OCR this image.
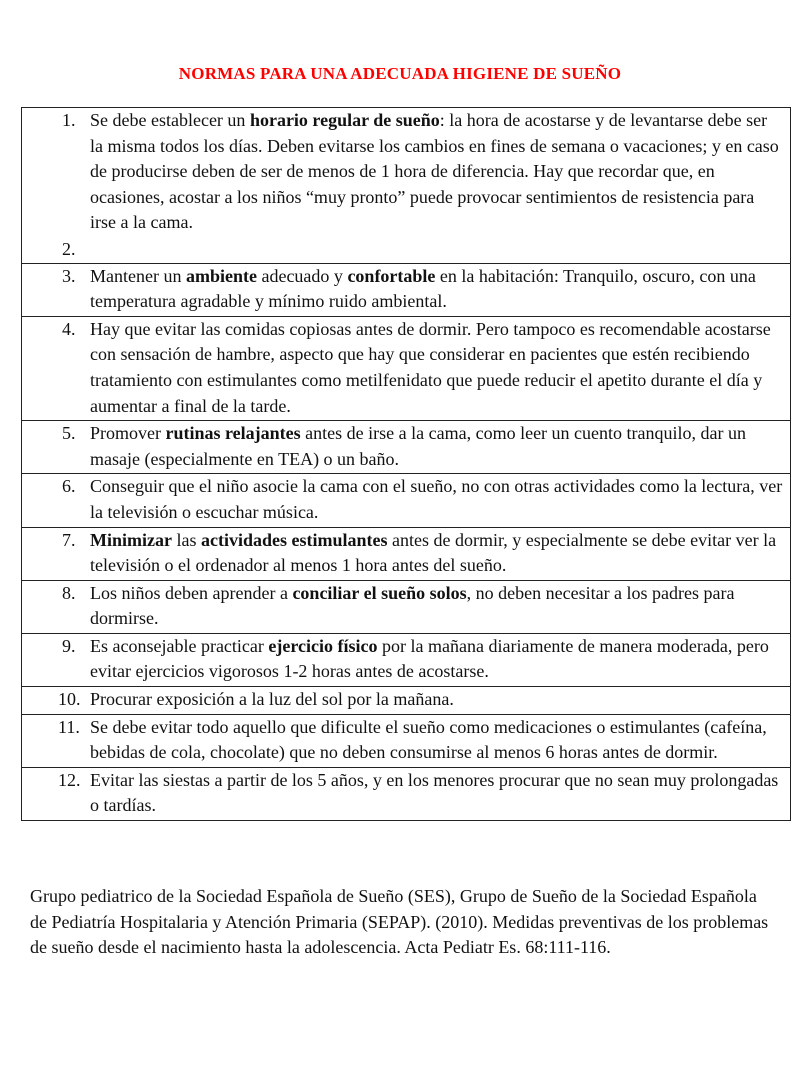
NORMAS PARA UNA ADECUADA HIGIENE DE SUEÑO
1. Se debe establecer un horario regular de sueño: la hora de acostarse y de levantarse debe ser la misma todos los días. Deben evitarse los cambios en fines de semana o vacaciones; y en caso de producirse deben de ser de menos de 1 hora de diferencia. Hay que recordar que, en ocasiones, acostar a los niños “muy pronto” puede provocar sentimientos de resistencia para irse a la cama.
2.

3. Mantener un ambiente adecuado y confortable en la habitación: Tranquilo, oscuro, con una temperatura agradable y mínimo ruido ambiental.

4. Hay que evitar las comidas copiosas antes de dormir. Pero tampoco es recomendable acostarse con sensación de hambre, aspecto que hay que considerar en pacientes que estén recibiendo tratamiento con estimulantes como metilfenidato que puede reducir el apetito durante el día y aumentar a final de la tarde.

5. Promover rutinas relajantes antes de irse a la cama, como leer un cuento tranquilo, dar un masaje (especialmente en TEA) o un baño.

6. Conseguir que el niño asocie la cama con el sueño, no con otras actividades como la lectura, ver la televisión o escuchar música.

7. Minimizar las actividades estimulantes antes de dormir, y especialmente se debe evitar ver la televisión o el ordenador al menos 1 hora antes del sueño.

8. Los niños deben aprender a conciliar el sueño solos, no deben necesitar a los padres para dormirse.

9. Es aconsejable practicar ejercicio físico por la mañana diariamente de manera moderada, pero evitar ejercicios vigorosos 1-2 horas antes de acostarse.

10. Procurar exposición a la luz del sol por la mañana.

11. Se debe evitar todo aquello que dificulte el sueño como medicaciones o estimulantes (cafeína, bebidas de cola, chocolate) que no deben consumirse al menos 6 horas antes de dormir.

12. Evitar las siestas a partir de los 5 años, y en los menores procurar que no sean muy prolongadas o tardías.
Grupo pediatrico de la Sociedad Española de Sueño (SES), Grupo de Sueño de la Sociedad Española de Pediatría Hospitalaria y Atención Primaria (SEPAP). (2010). Medidas preventivas de los problemas de sueño desde el nacimiento hasta la adolescencia. Acta Pediatr Es. 68:111-116.
